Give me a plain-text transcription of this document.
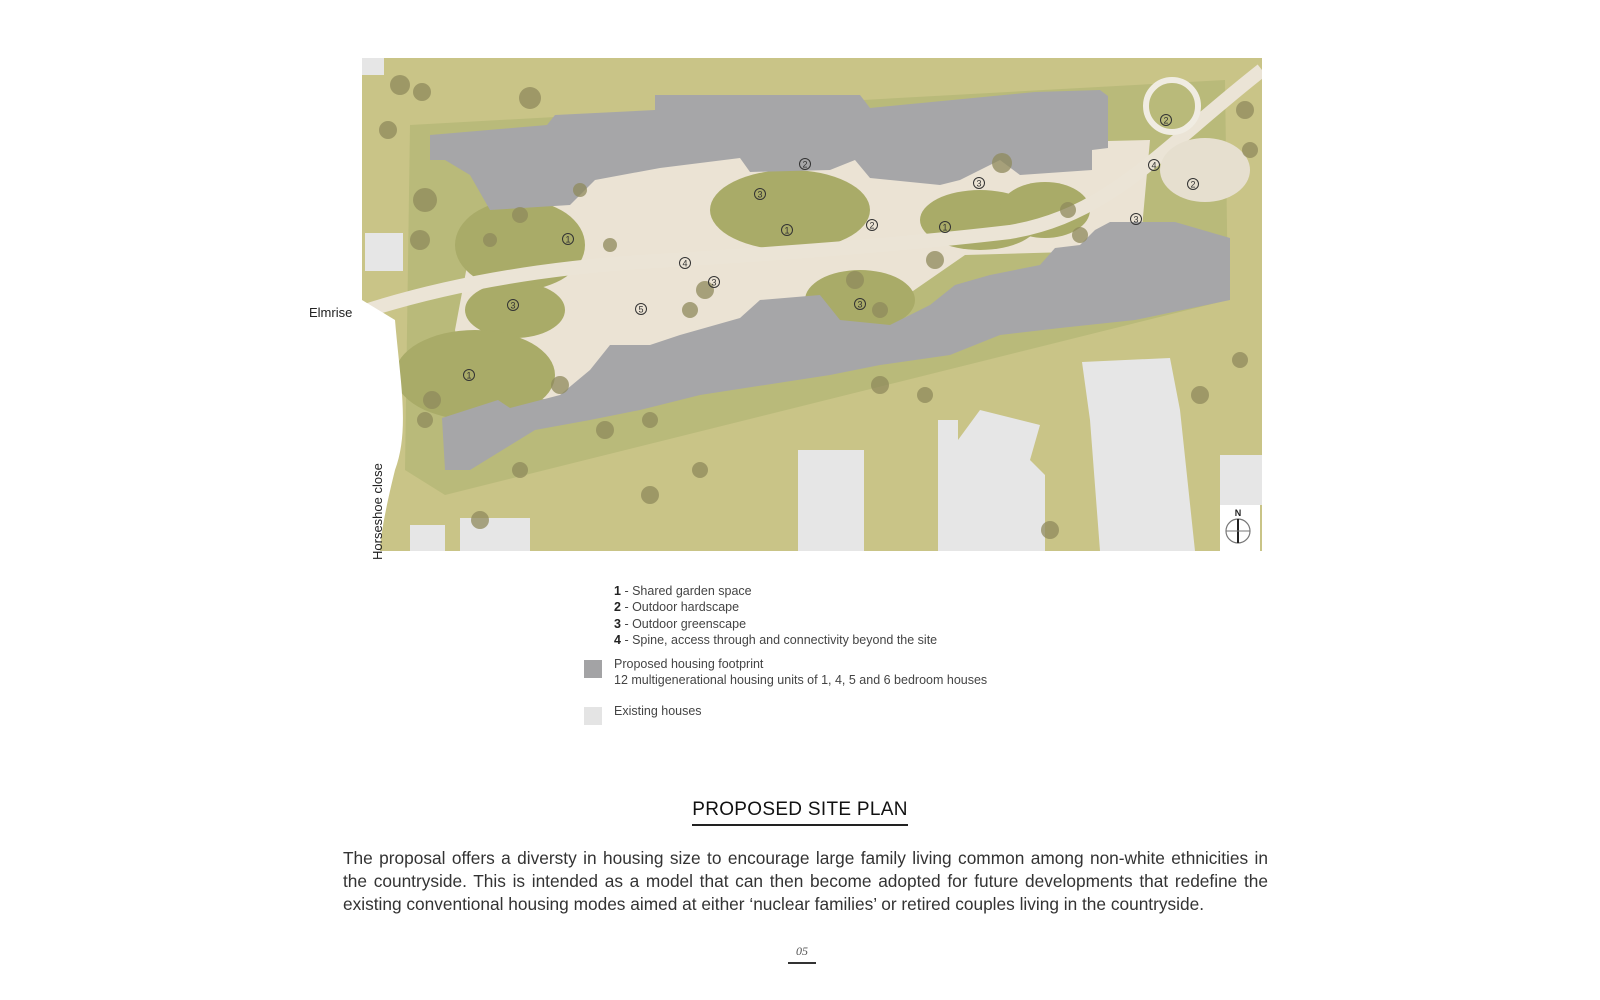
1
1	1
1
2
2
2
2
3
3
3
3
3	3
4
4
5
N
Elmrise
Horseshoe close
1 - Shared garden space
2 - Outdoor hardscape
3 - Outdoor greenscape
4 - Spine, access through and connectivity beyond the site
Proposed housing footprint
12 multigenerational housing units of 1, 4, 5 and 6 bedroom houses
Existing houses
PROPOSED SITE PLAN
The proposal offers a diversty in housing size to encourage large family living common among non-white ethnicities in the countryside. This is intended as a model that can then become adopted for future developments that redefine the existing conventional housing modes aimed at either ‘nuclear families’ or retired couples living in the countryside.
05
